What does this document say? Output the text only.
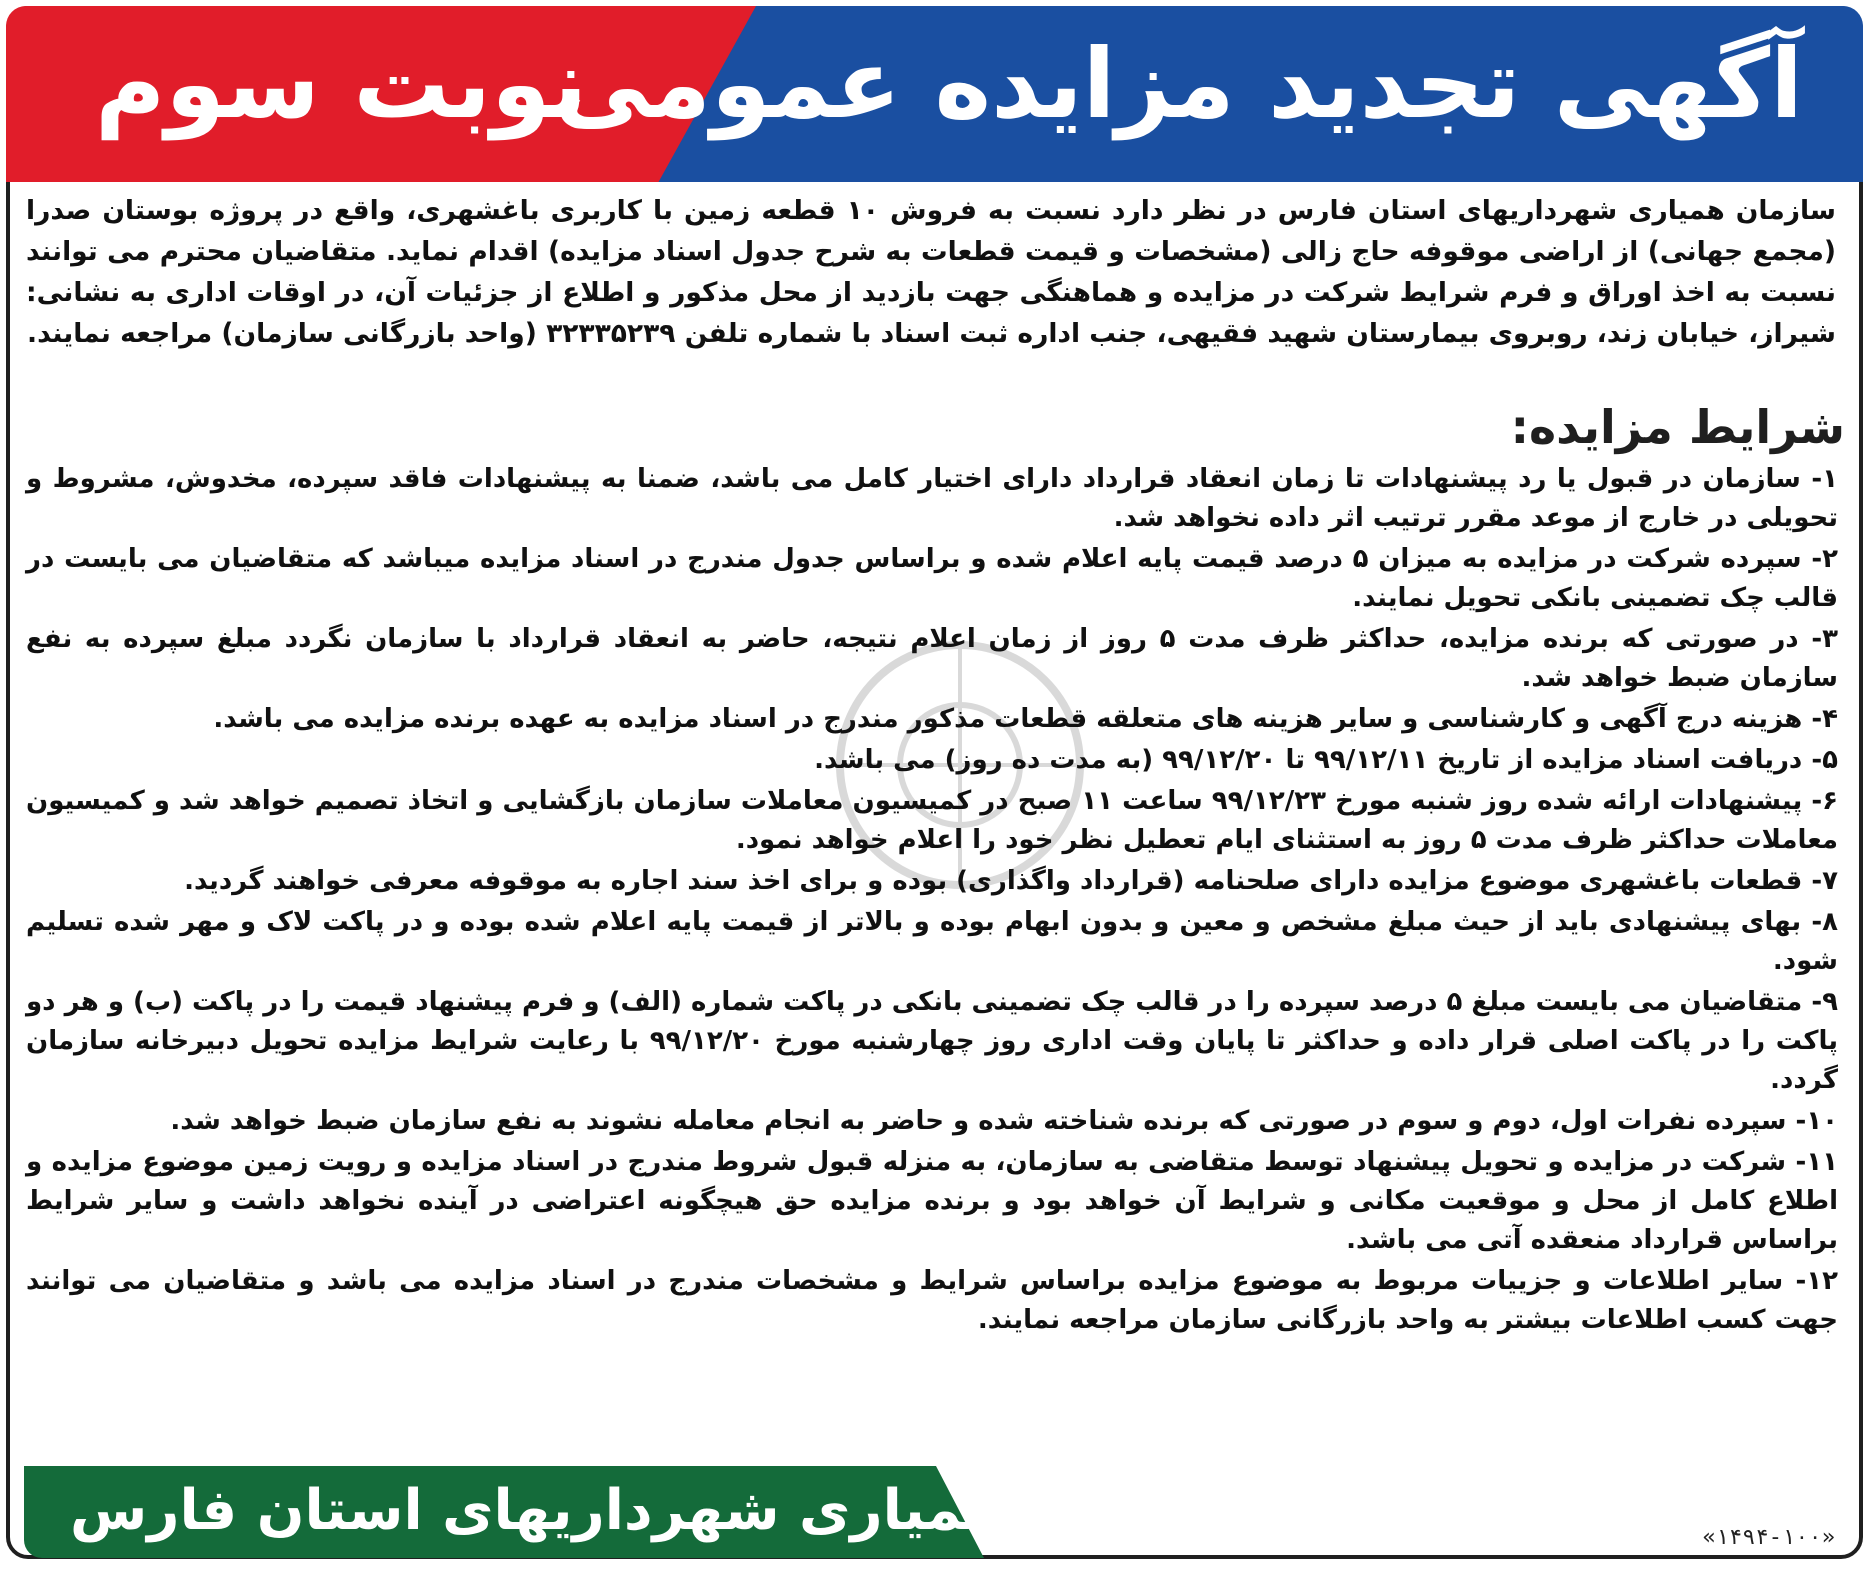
آگهی تجدید مزایده عمومی
نوبت سوم
سازمان همیاری شهرداریهای استان فارس در نظر دارد نسبت به فروش ۱۰ قطعه زمین با کاربری باغشهری، واقع در پروژه بوستان صدرا (مجمع جهانی) از اراضی موقوفه حاج زالی (مشخصات و قیمت قطعات به شرح جدول اسناد مزایده) اقدام نماید. متقاضیان محترم می توانند نسبت به اخذ اوراق و فرم شرایط شرکت در مزایده و هماهنگی جهت بازدید از محل مذکور و اطلاع از جزئیات آن، در اوقات اداری به نشانی: شیراز، خیابان زند، روبروی بیمارستان شهید فقیهی، جنب اداره ثبت اسناد با شماره تلفن ۳۲۳۳۵۲۳۹ (واحد بازرگانی سازمان) مراجعه نمایند.
شرایط مزایده:
۱- سازمان در قبول یا رد پیشنهادات تا زمان انعقاد قرارداد دارای اختیار کامل می باشد، ضمنا به پیشنهادات فاقد سپرده، مخدوش، مشروط و تحویلی در خارج از موعد مقرر ترتیب اثر داده نخواهد شد.
۲- سپرده شرکت در مزایده به میزان ۵ درصد قیمت پایه اعلام شده و براساس جدول مندرج در اسناد مزایده میباشد که متقاضیان می بایست در قالب چک تضمینی بانکی تحویل نمایند.
۳- در صورتی که برنده مزایده، حداکثر ظرف مدت ۵ روز از زمان اعلام نتیجه، حاضر به انعقاد قرارداد با سازمان نگردد مبلغ سپرده به نفع سازمان ضبط خواهد شد.
۴- هزینه درج آگهی و کارشناسی و سایر هزینه های متعلقه قطعات مذکور مندرج در اسناد مزایده به عهده برنده مزایده می باشد.
۵- دریافت اسناد مزایده از تاریخ ۹۹/۱۲/۱۱ تا ۹۹/۱۲/۲۰ (به مدت ده روز) می باشد.
۶- پیشنهادات ارائه شده روز شنبه مورخ ۹۹/۱۲/۲۳ ساعت ۱۱ صبح در کمیسیون معاملات سازمان بازگشایی و اتخاذ تصمیم خواهد شد و کمیسیون معاملات حداکثر ظرف مدت ۵ روز به استثنای ایام تعطیل نظر خود را اعلام خواهد نمود.
۷- قطعات باغشهری موضوع مزایده دارای صلحنامه (قرارداد واگذاری) بوده و برای اخذ سند اجاره به موقوفه معرفی خواهند گردید.
۸- بهای پیشنهادی باید از حیث مبلغ مشخص و معین و بدون ابهام بوده و بالاتر از قیمت پایه اعلام شده بوده و در پاکت لاک و مهر شده تسلیم شود.
۹- متقاضیان می بایست مبلغ ۵ درصد سپرده را در قالب چک تضمینی بانکی در پاکت شماره (الف) و فرم پیشنهاد قیمت را در پاکت (ب) و هر دو پاکت را در پاکت اصلی قرار داده و حداکثر تا پایان وقت اداری روز چهارشنبه مورخ ۹۹/۱۲/۲۰ با رعایت شرایط مزایده تحویل دبیرخانه سازمان گردد.
۱۰- سپرده نفرات اول، دوم و سوم در صورتی که برنده شناخته شده و حاضر به انجام معامله نشوند به نفع سازمان ضبط خواهد شد.
۱۱- شرکت در مزایده و تحویل پیشنهاد توسط متقاضی به سازمان، به منزله قبول شروط مندرج در اسناد مزایده و رویت زمین موضوع مزایده و اطلاع کامل از محل و موقعیت مکانی و شرایط آن خواهد بود و برنده مزایده حق هیچگونه اعتراضی در آینده نخواهد داشت و سایر شرایط براساس قرارداد منعقده آتی می باشد.
۱۲- سایر اطلاعات و جزییات مربوط به موضوع مزایده براساس شرایط و مشخصات مندرج در اسناد مزایده می باشد و متقاضیان می توانند جهت کسب اطلاعات بیشتر به واحد بازرگانی سازمان مراجعه نمایند.
سازمان همیاری شهرداریهای استان فارس	«۱۴۹۴-۱۰۰»
